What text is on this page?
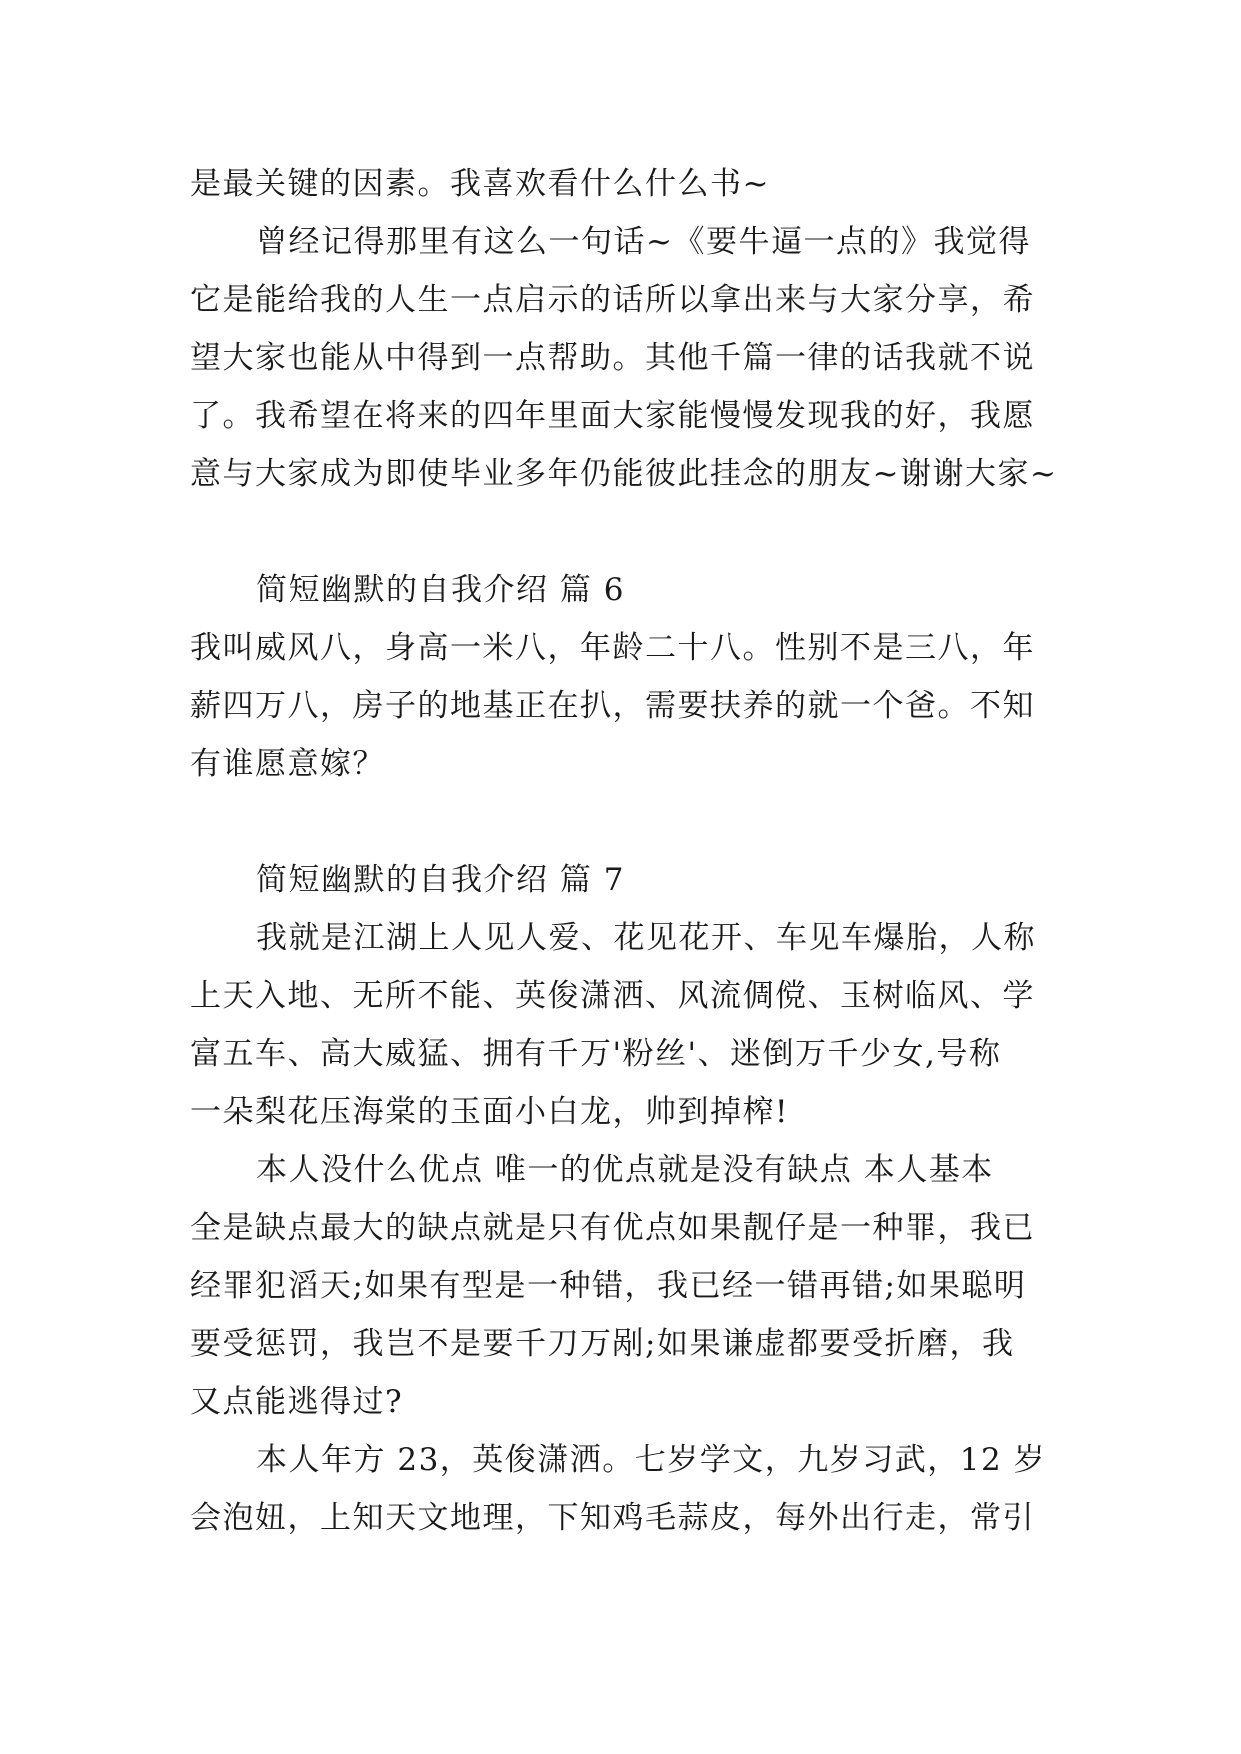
是最关键的因素。我喜欢看什么什么书~
曾经记得那里有这么一句话~《要牛逼一点的》我觉得
它是能给我的人生一点启示的话所以拿出来与大家分享，希
望大家也能从中得到一点帮助。其他千篇一律的话我就不说
了。我希望在将来的四年里面大家能慢慢发现我的好，我愿
意与大家成为即使毕业多年仍能彼此挂念的朋友~谢谢大家~
简短幽默的自我介绍 篇 6
我叫威风八，身高一米八，年龄二十八。性别不是三八，年
薪四万八，房子的地基正在扒，需要扶养的就一个爸。不知
有谁愿意嫁？
简短幽默的自我介绍 篇 7
我就是江湖上人见人爱、花见花开、车见车爆胎，人称
上天入地、无所不能、英俊潇洒、风流倜傥、玉树临风、学
富五车、高大威猛、拥有千万'粉丝'、迷倒万千少女,号称
一朵梨花压海棠的玉面小白龙，帅到掉榨!
本人没什么优点 唯一的优点就是没有缺点 本人基本
全是缺点最大的缺点就是只有优点如果靓仔是一种罪，我已
经罪犯滔天;如果有型是一种错，我已经一错再错;如果聪明
要受惩罚，我岂不是要千刀万剐;如果谦虚都要受折磨，我
又点能逃得过?
本人年方 23，英俊潇洒。七岁学文，九岁习武，12 岁
会泡妞，上知天文地理，下知鸡毛蒜皮，每外出行走，常引
